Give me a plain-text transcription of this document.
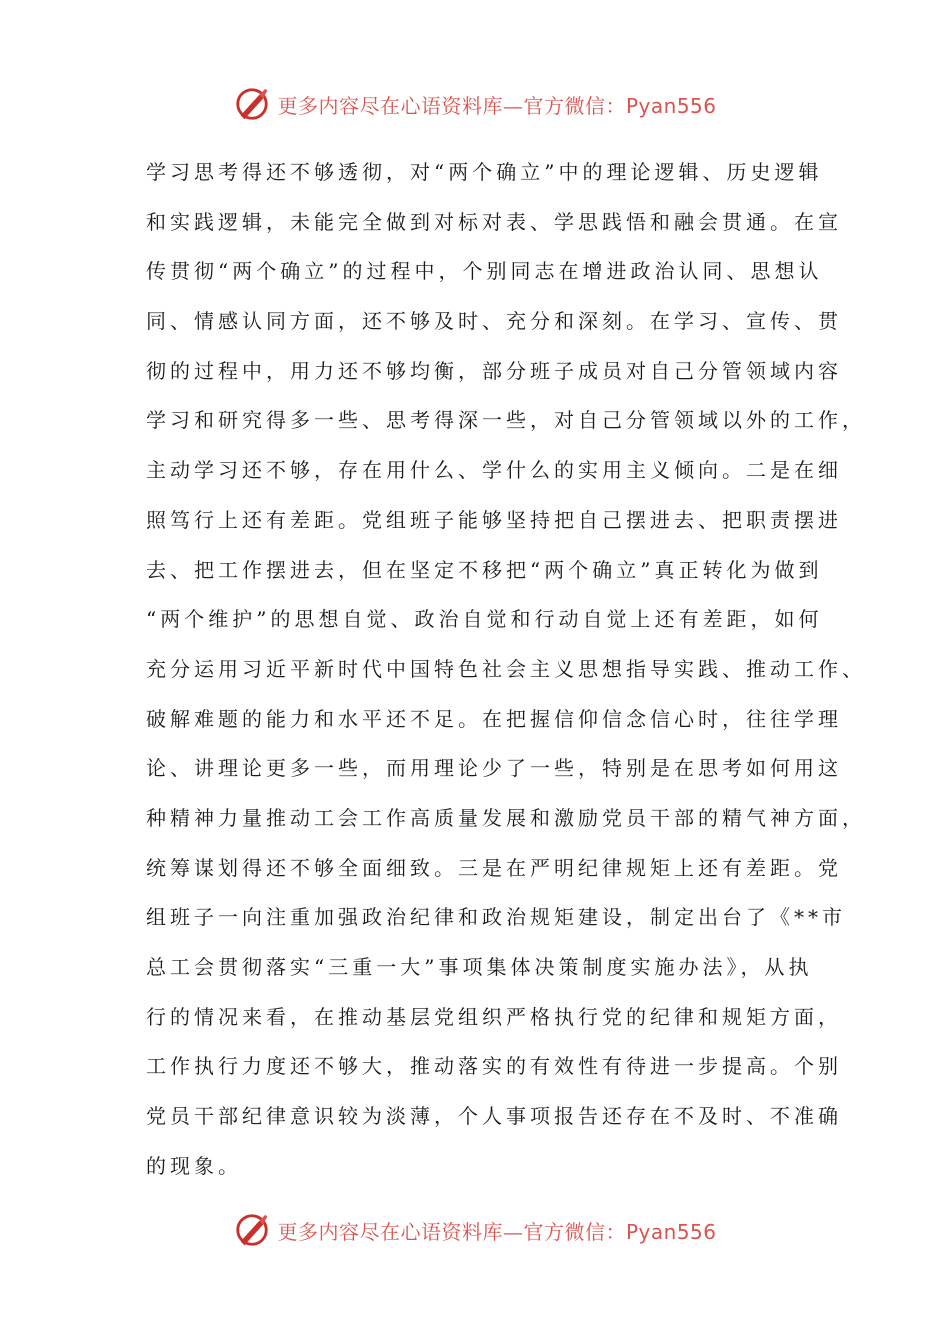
更多内容尽在心语资料库—官方微信：Pyan556
学习思考得还不够透彻，对“两个确立”中的理论逻辑、历史逻辑
和实践逻辑，未能完全做到对标对表、学思践悟和融会贯通。在宣
传贯彻“两个确立”的过程中，个别同志在增进政治认同、思想认
同、情感认同方面，还不够及时、充分和深刻。在学习、宣传、贯
彻的过程中，用力还不够均衡，部分班子成员对自己分管领域内容
学习和研究得多一些、思考得深一些，对自己分管领域以外的工作，
主动学习还不够，存在用什么、学什么的实用主义倾向。二是在细
照笃行上还有差距。党组班子能够坚持把自己摆进去、把职责摆进
去、把工作摆进去，但在坚定不移把“两个确立”真正转化为做到
“两个维护”的思想自觉、政治自觉和行动自觉上还有差距，如何
充分运用习近平新时代中国特色社会主义思想指导实践、推动工作、
破解难题的能力和水平还不足。在把握信仰信念信心时，往往学理
论、讲理论更多一些，而用理论少了一些，特别是在思考如何用这
种精神力量推动工会工作高质量发展和激励党员干部的精气神方面，
统筹谋划得还不够全面细致。三是在严明纪律规矩上还有差距。党
组班子一向注重加强政治纪律和政治规矩建设，制定出台了《**市
总工会贯彻落实“三重一大”事项集体决策制度实施办法》，从执
行的情况来看，在推动基层党组织严格执行党的纪律和规矩方面，
工作执行力度还不够大，推动落实的有效性有待进一步提高。个别
党员干部纪律意识较为淡薄，个人事项报告还存在不及时、不准确
的现象。
更多内容尽在心语资料库—官方微信：Pyan556
